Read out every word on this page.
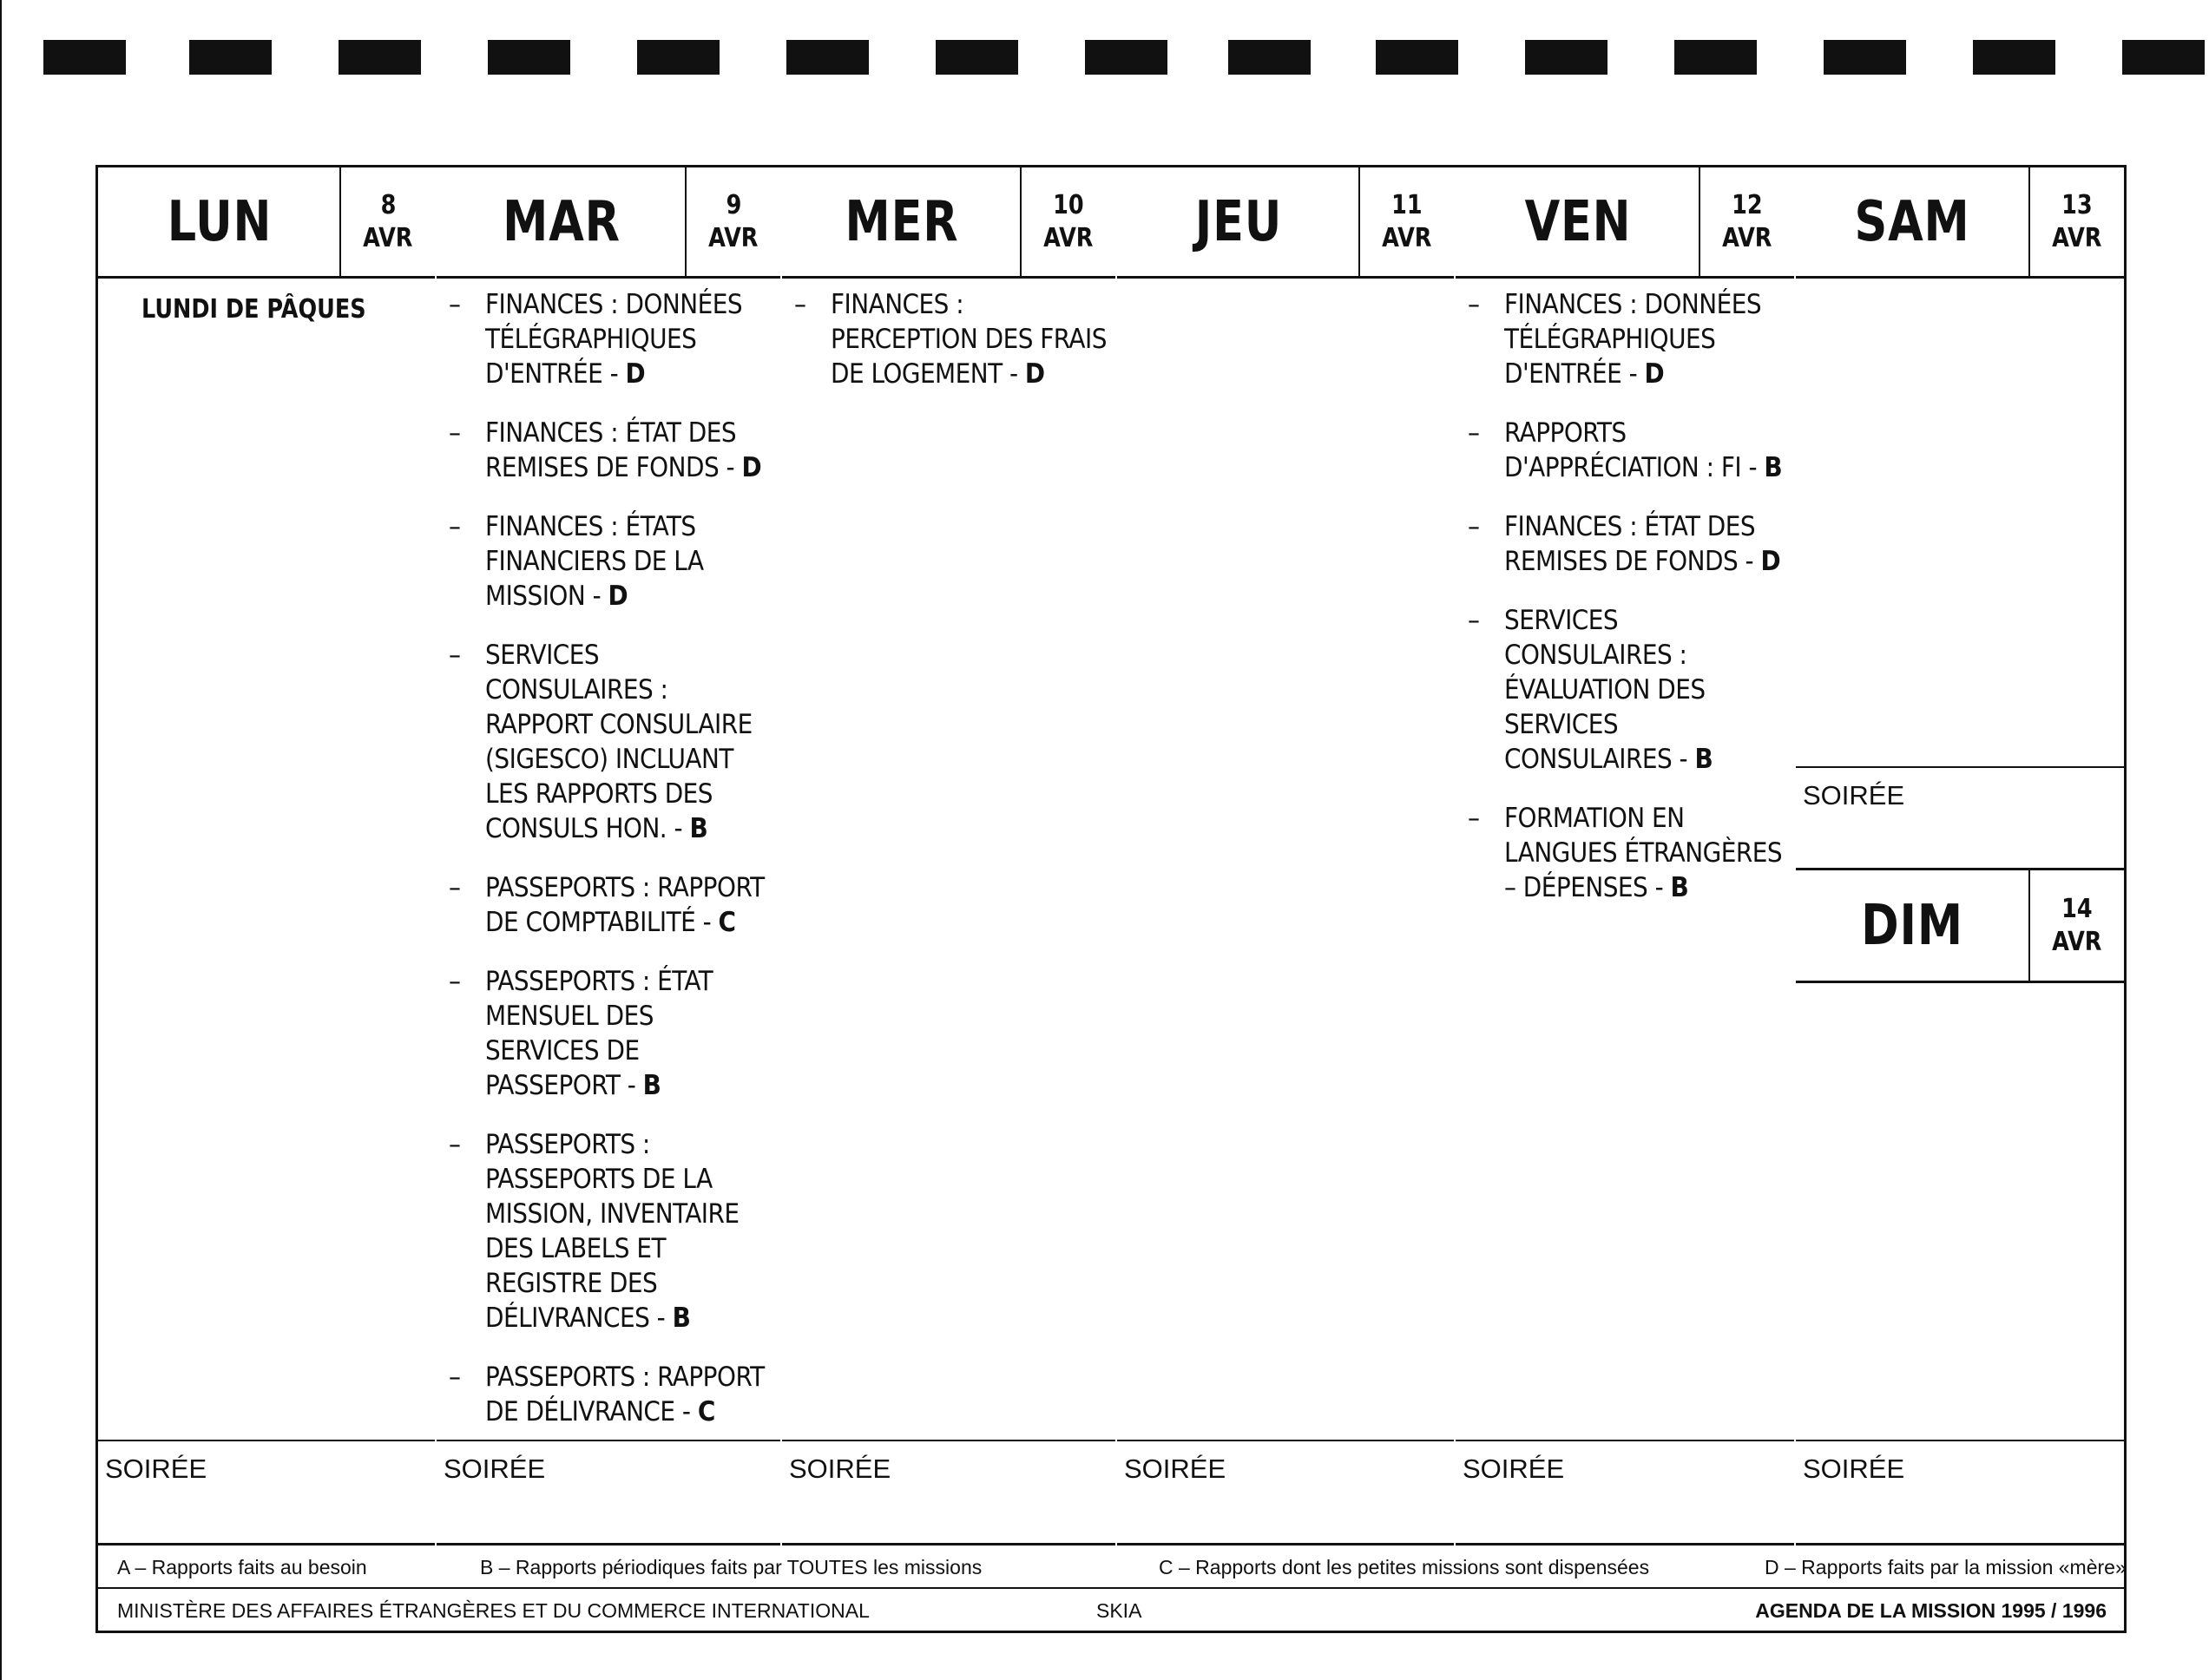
LUN	8
AVR
LUNDI DE PÂQUES
SOIRÉE
MAR	9
AVR
– FINANCES : DONNÉES TÉLÉGRAPHIQUES D'ENTRÉE - D
– FINANCES : ÉTAT DES REMISES DE FONDS - D
– FINANCES : ÉTATS FINANCIERS DE LA MISSION - D
– SERVICES CONSULAIRES : RAPPORT CONSULAIRE (SIGESCO) INCLUANT LES RAPPORTS DES CONSULS HON. - B
– PASSEPORTS : RAPPORT DE COMPTABILITÉ - C
– PASSEPORTS : ÉTAT MENSUEL DES SERVICES DE PASSEPORT - B
– PASSEPORTS : PASSEPORTS DE LA MISSION, INVENTAIRE DES LABELS ET REGISTRE DES DÉLIVRANCES - B
– PASSEPORTS : RAPPORT DE DÉLIVRANCE - C
SOIRÉE
MER	10
AVR
– FINANCES : PERCEPTION DES FRAIS DE LOGEMENT - D
SOIRÉE
JEU	11
AVR
SOIRÉE
VEN	12
AVR
– FINANCES : DONNÉES TÉLÉGRAPHIQUES D'ENTRÉE - D
– RAPPORTS D'APPRÉCIATION : FI - B
– FINANCES : ÉTAT DES REMISES DE FONDS - D
– SERVICES CONSULAIRES : ÉVALUATION DES SERVICES CONSULAIRES - B
– FORMATION EN LANGUES ÉTRANGÈRES – DÉPENSES - B
SOIRÉE
SAM	13
AVR
SOIRÉE
DIM	14
AVR
SOIRÉE
A – Rapports faits au besoin	B – Rapports périodiques faits par TOUTES les missions	C – Rapports dont les petites missions sont dispensées	D – Rapports faits par la mission «mère»
MINISTÈRE DES AFFAIRES ÉTRANGÈRES ET DU COMMERCE INTERNATIONAL	SKIA	AGENDA DE LA MISSION 1995 / 1996
